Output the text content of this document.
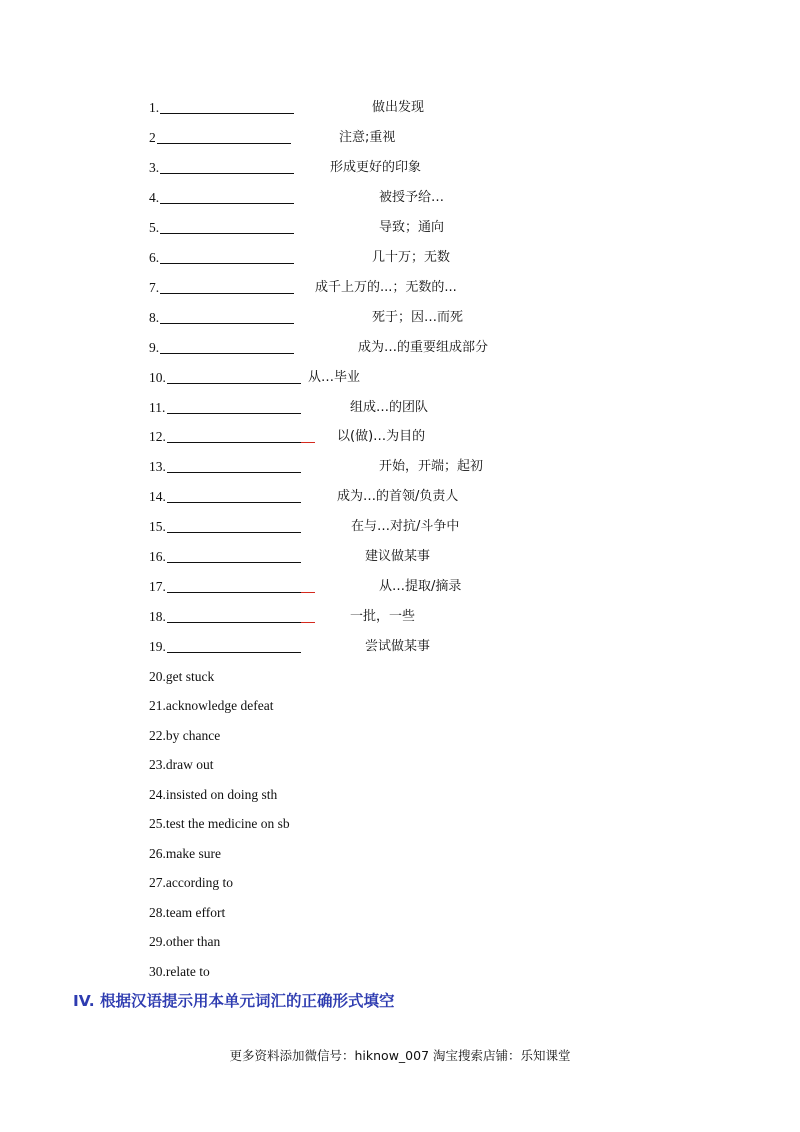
1.	做出发现
2	注意;重视
3.	形成更好的印象
4.	被授予给…
5.	导致；通向
6.	几十万；无数
7.	成千上万的...；无数的...
8.	死于；因…而死
9.	成为…的重要组成部分
10.	从…毕业
11.	组成…的团队
12.	以(做)…为目的
13.	开始，开端；起初
14.	成为…的首领/负责人
15.	在与…对抗/斗争中
16.	建议做某事
17.	从…提取/摘录
18.	一批，一些
19.	尝试做某事
20.get stuck
21.acknowledge defeat
22.by chance
23.draw out
24.insisted on doing sth
25.test the medicine on sb
26.make sure
27.according to
28.team effort
29.other than
30.relate to
IV. 根据汉语提示用本单元词汇的正确形式填空
更多资料添加微信号：hiknow_007 淘宝搜索店铺：乐知课堂
